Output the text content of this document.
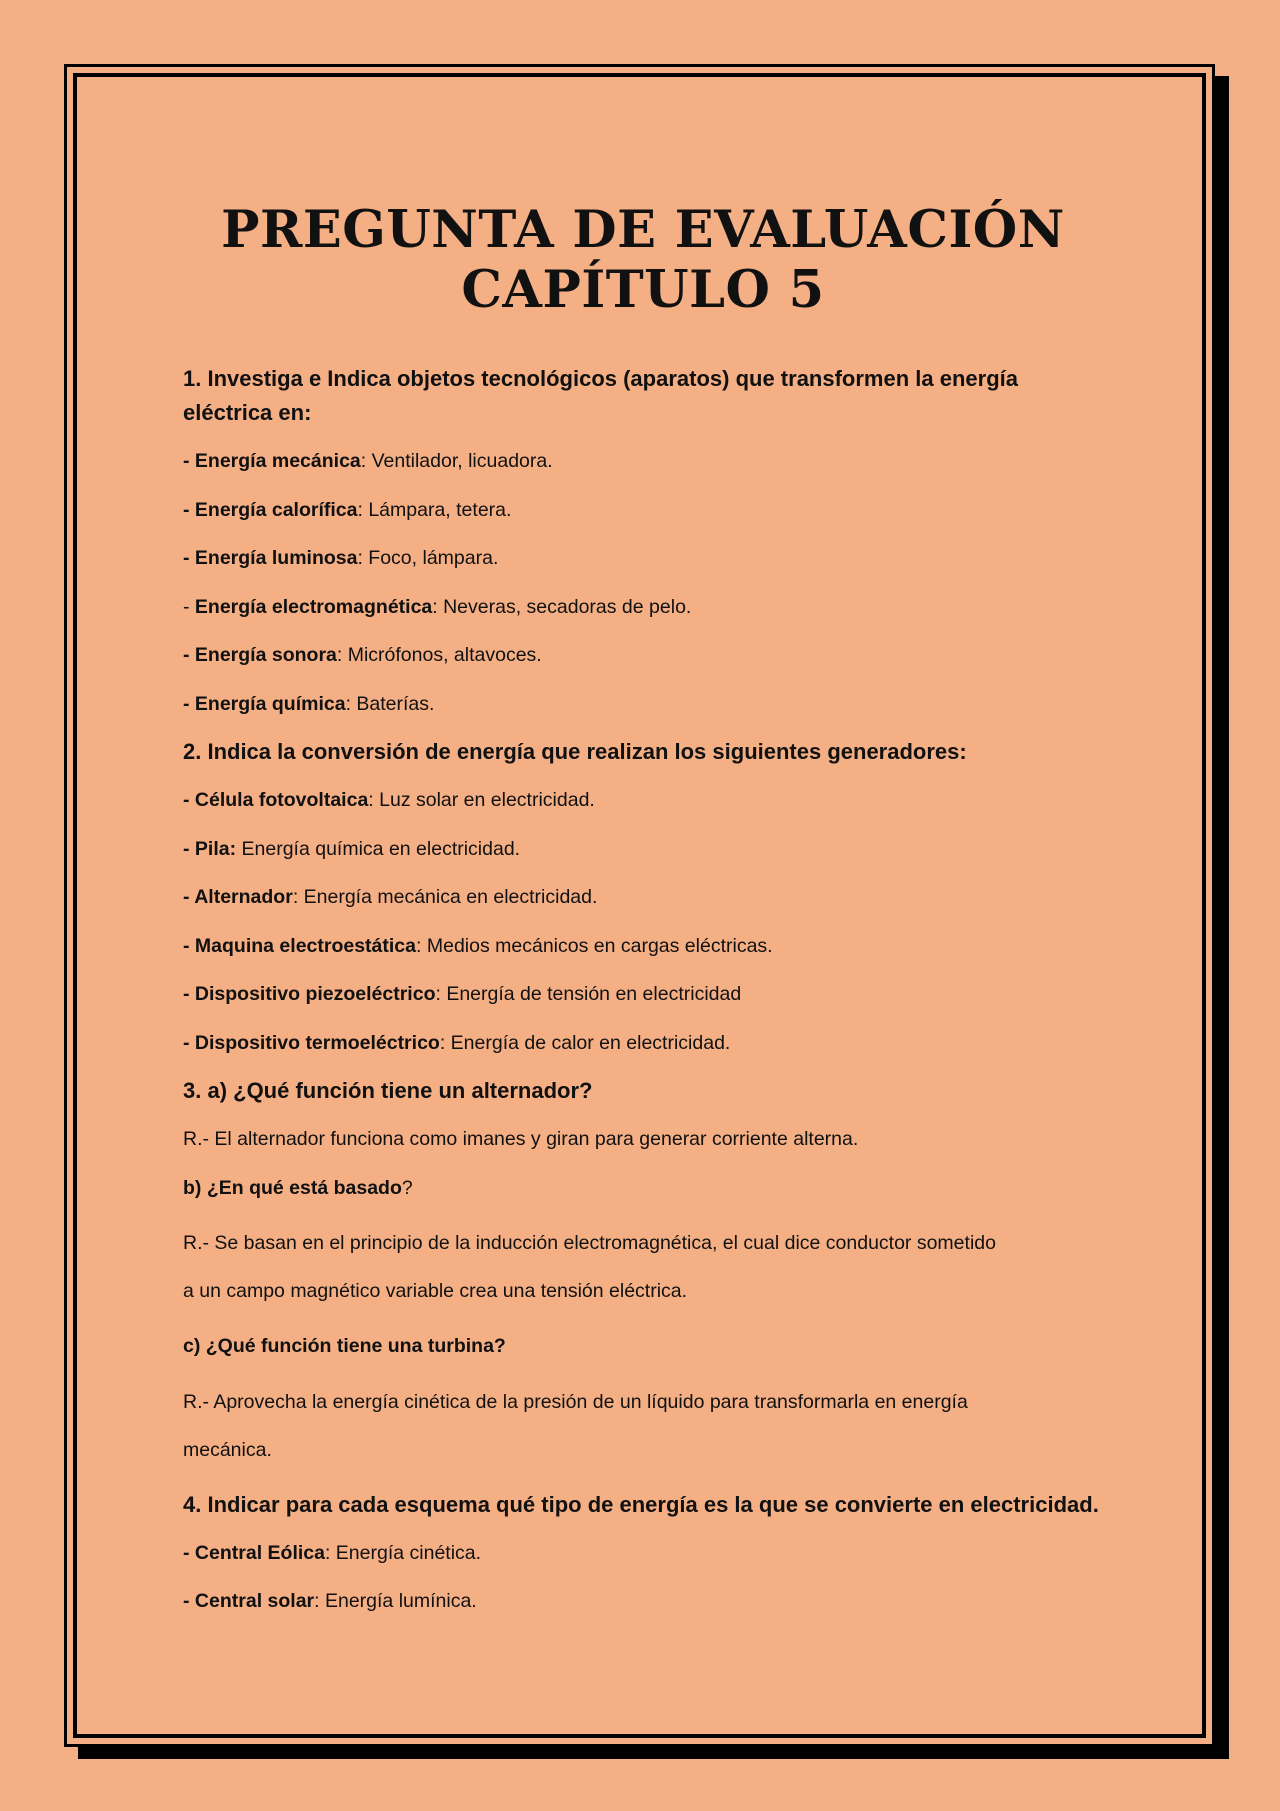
PREGUNTA DE EVALUACIÓN
CAPÍTULO 5
1. Investiga e Indica objetos tecnológicos (aparatos) que transformen la energía eléctrica en:
- Energía mecánica: Ventilador, licuadora.
- Energía calorífica: Lámpara, tetera.
- Energía luminosa: Foco, lámpara.
- Energía electromagnética: Neveras, secadoras de pelo.
- Energía sonora: Micrófonos, altavoces.
- Energía química: Baterías.
2. Indica la conversión de energía que realizan los siguientes generadores:
- Célula fotovoltaica: Luz solar en electricidad.
- Pila: Energía química en electricidad.
- Alternador: Energía mecánica en electricidad.
- Maquina electroestática: Medios mecánicos en cargas eléctricas.
- Dispositivo piezoeléctrico: Energía de tensión en electricidad
- Dispositivo termoeléctrico: Energía de calor en electricidad.
3. a) ¿Qué función tiene un alternador?
R.- El alternador funciona como imanes y giran para generar corriente alterna.
b) ¿En qué está basado?
R.- Se basan en el principio de la inducción electromagnética, el cual dice conductor sometido
a un campo magnético variable crea una tensión eléctrica.
c) ¿Qué función tiene una turbina?
R.- Aprovecha la energía cinética de la presión de un líquido para transformarla en energía
mecánica.
4. Indicar para cada esquema qué tipo de energía es la que se convierte en electricidad.
- Central Eólica: Energía cinética.
- Central solar: Energía lumínica.
